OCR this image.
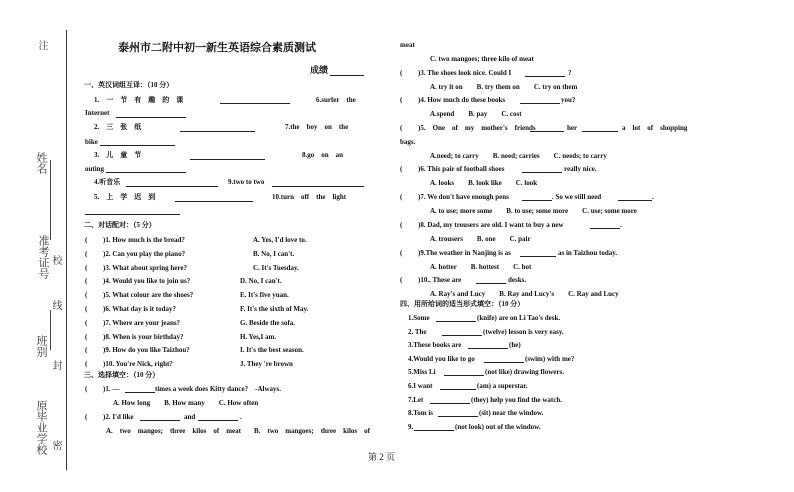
注
姓名
校
准考证号
线
班别
封
原毕业学校 密
泰州市二附中初一新生英语综合素质测试
成绩
一、英汉词组互译：（10 分）
1.　一　节　有　趣　的　课	6.surfer　the
Internet
2.　三　张　纸	7.the　boy　on　the
bike
3.　儿　童　节	8.go　on　an
outing
4.听音乐	9.two to two
5.　上　学　迟　到	10.turn　off　the　light
二、对话配对：（5 分）
( )1. How much is the bread?	A. Yes, I'd love to.
( )2. Can you play the piano?	B. No, I can't.
( )3. What about spring here?	C. It's Tuesday.
( )4. Would you like to join us?	D. No, I can't.
( )5. What colour are the shoes?	E. It's five yuan.
( )6. What day is it today?	F. It's the sixth of May.
( )7. Where are your jeans?	G. Beside the sofa.
( )8. When is your birthday?	H. Yes,I am.
( )9. How do you like Taizhou?	I. It's the best season.
( )10. You're Nick, right?	J. They 're brown
三、选择填空：（10 分）
( )1. —	times a week does Kitty dance?　-Always.
A. How long　　B. How many　　C. How often
( )2. I'd like	and	.
A.　two　mangos;　three　kilos　of　meat B.　two　mangoes;　three　kilos　of
meat
C. two mangoes; three kilo of meat
( )3. The shoes look nice. Could I	?
A. try it on　　B. try them on　　C. try on them
( )4. How much do these books	you?
A.spend　　B. pay　　C. cost
( )5.　One　of　my　mother's　friends	her	a　lot　of　shopping
bags.
A.need; to carry　　B. need; carries　　C. needs; to carry
( )6. This pair of football shoes	really nice.
A. looks　　B. look like　　C. look
( )7. We don't have enough pens	. So we still need	.
A. to use; more some　　B. to use; some more　　C. use; some more
( )8. Dad, my trousers are old. I want to buy a new	.
A. trousers　　B. one　　C. pair
( )9.The weather in Nanjing is as	as in Taizhou today.
A. hotter　　B. hottest　　C. hot
( )10.. These are	desks.
A. Ray's and Lucy　　B. Ray and Lucy's　　C. Ray and Lucy
四、用所给词的适当形式填空：（10 分）
1.Some	(knife) are on Li Tao's desk.
2. The	(twelve) lesson is very easy.
3.These books are	(he)
4.Would you like to go	(swim) with me?
5.Miss Li	(not like) drawing flowers.
6.I want	(am) a superstar.
7.Let	(they) help you find the watch.
8.Tom is	(sit) near the window.
9.	(not look) out of the window.
第 2 页
